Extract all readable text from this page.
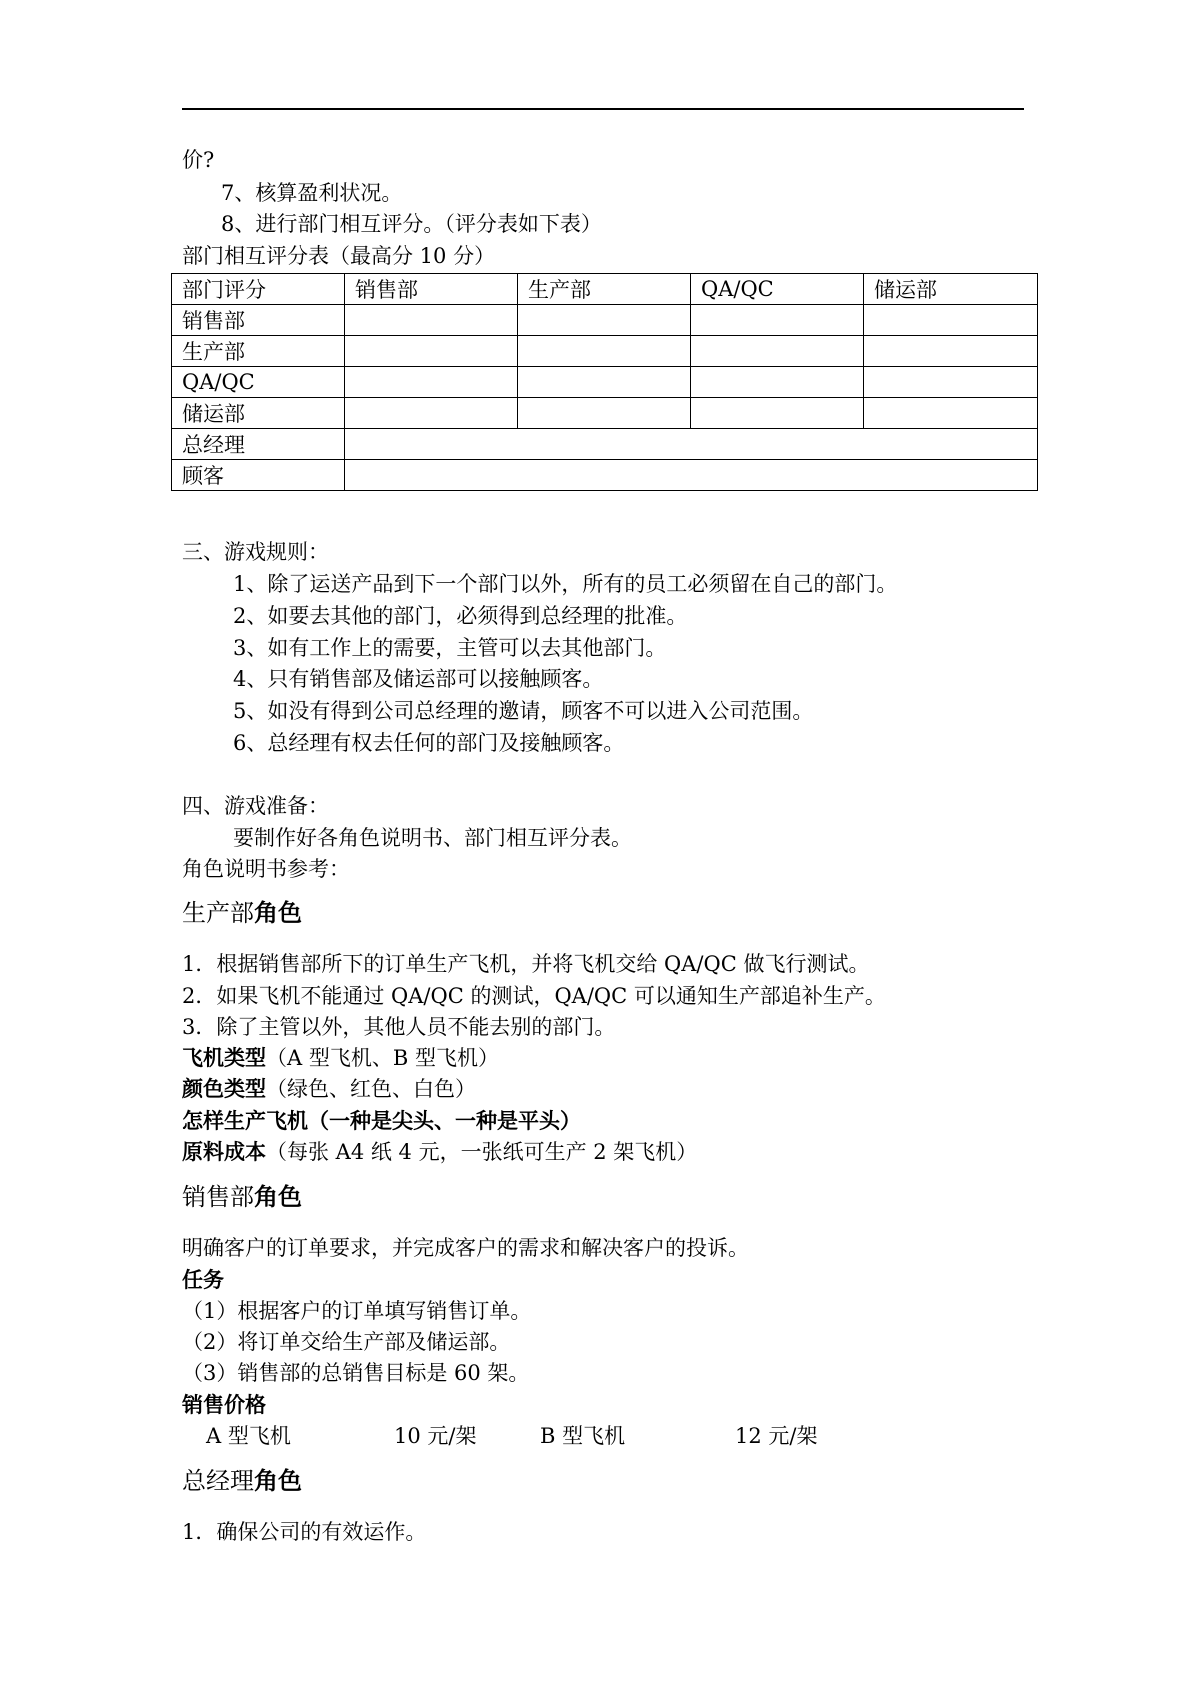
价?
7、核算盈利状况。
8、进行部门相互评分。（评分表如下表）
部门相互评分表（最高分 10 分）
部门评分	销售部	生产部	QA/QC	储运部
销售部				
生产部				
QA/QC				
储运部				
总经理				
顾客				
三、游戏规则：
1、除了运送产品到下一个部门以外，所有的员工必须留在自己的部门。
2、如要去其他的部门，必须得到总经理的批准。
3、如有工作上的需要，主管可以去其他部门。
4、只有销售部及储运部可以接触顾客。
5、如没有得到公司总经理的邀请，顾客不可以进入公司范围。
6、总经理有权去任何的部门及接触顾客。
四、游戏准备：
要制作好各角色说明书、部门相互评分表。
角色说明书参考：
生产部角色
1．根据销售部所下的订单生产飞机，并将飞机交给 QA/QC 做飞行测试。
2．如果飞机不能通过 QA/QC 的测试，QA/QC 可以通知生产部追补生产。
3．除了主管以外，其他人员不能去别的部门。
飞机类型（A 型飞机、B 型飞机）
颜色类型（绿色、红色、白色）
怎样生产飞机（一种是尖头、一种是平头）
原料成本（每张 A4 纸 4 元，一张纸可生产 2 架飞机）
销售部角色
明确客户的订单要求，并完成客户的需求和解决客户的投诉。
任务
（1）根据客户的订单填写销售订单。
（2）将订单交给生产部及储运部。
（3）销售部的总销售目标是 60 架。
销售价格
A 型飞机	10 元/架	B 型飞机	12 元/架
总经理角色
1．确保公司的有效运作。
